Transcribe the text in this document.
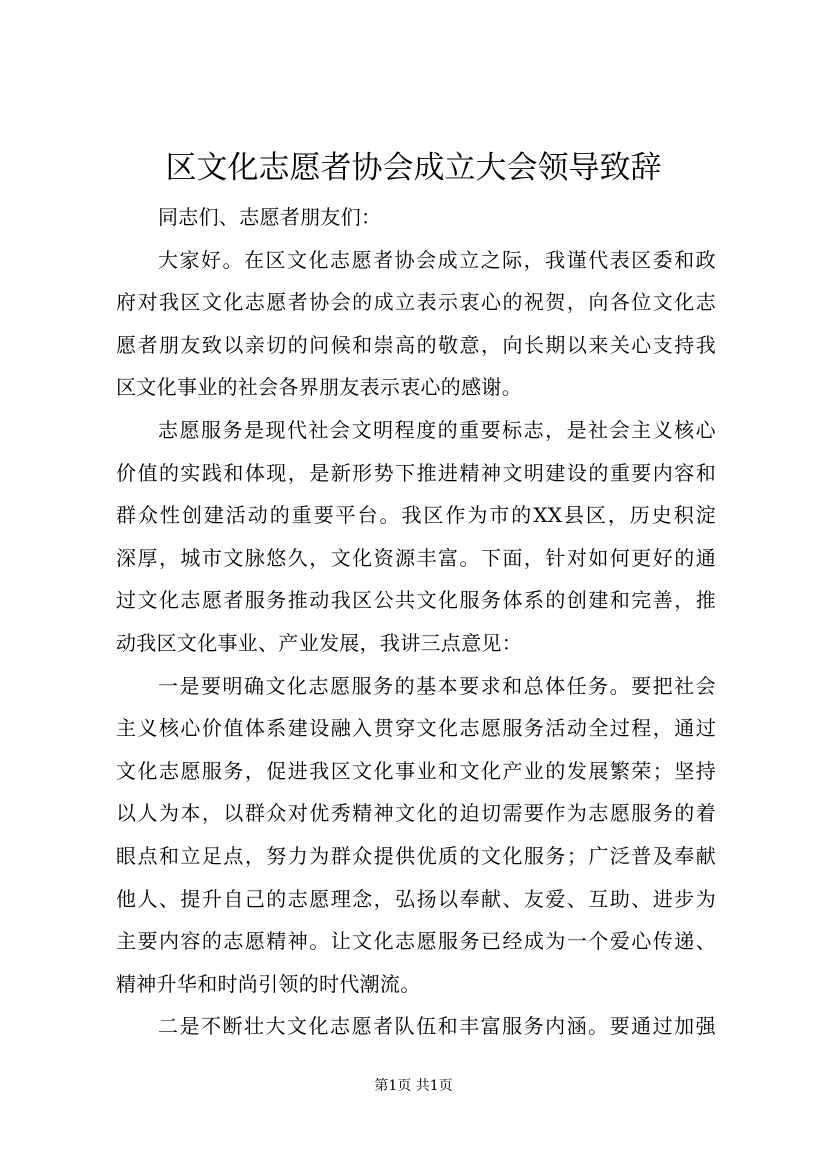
区文化志愿者协会成立大会领导致辞
同志们、志愿者朋友们：
大家好。在区文化志愿者协会成立之际，我谨代表区委和政
府对我区文化志愿者协会的成立表示衷心的祝贺，向各位文化志
愿者朋友致以亲切的问候和崇高的敬意，向长期以来关心支持我
区文化事业的社会各界朋友表示衷心的感谢。
志愿服务是现代社会文明程度的重要标志，是社会主义核心
价值的实践和体现，是新形势下推进精神文明建设的重要内容和
群众性创建活动的重要平台。我区作为市的XX县区，历史积淀
深厚，城市文脉悠久，文化资源丰富。下面，针对如何更好的通
过文化志愿者服务推动我区公共文化服务体系的创建和完善，推
动我区文化事业、产业发展，我讲三点意见：
一是要明确文化志愿服务的基本要求和总体任务。要把社会
主义核心价值体系建设融入贯穿文化志愿服务活动全过程，通过
文化志愿服务，促进我区文化事业和文化产业的发展繁荣；坚持
以人为本，以群众对优秀精神文化的迫切需要作为志愿服务的着
眼点和立足点，努力为群众提供优质的文化服务；广泛普及奉献
他人、提升自己的志愿理念，弘扬以奉献、友爱、互助、进步为
主要内容的志愿精神。让文化志愿服务已经成为一个爱心传递、
精神升华和时尚引领的时代潮流。
二是不断壮大文化志愿者队伍和丰富服务内涵。要通过加强
第1页 共1页
